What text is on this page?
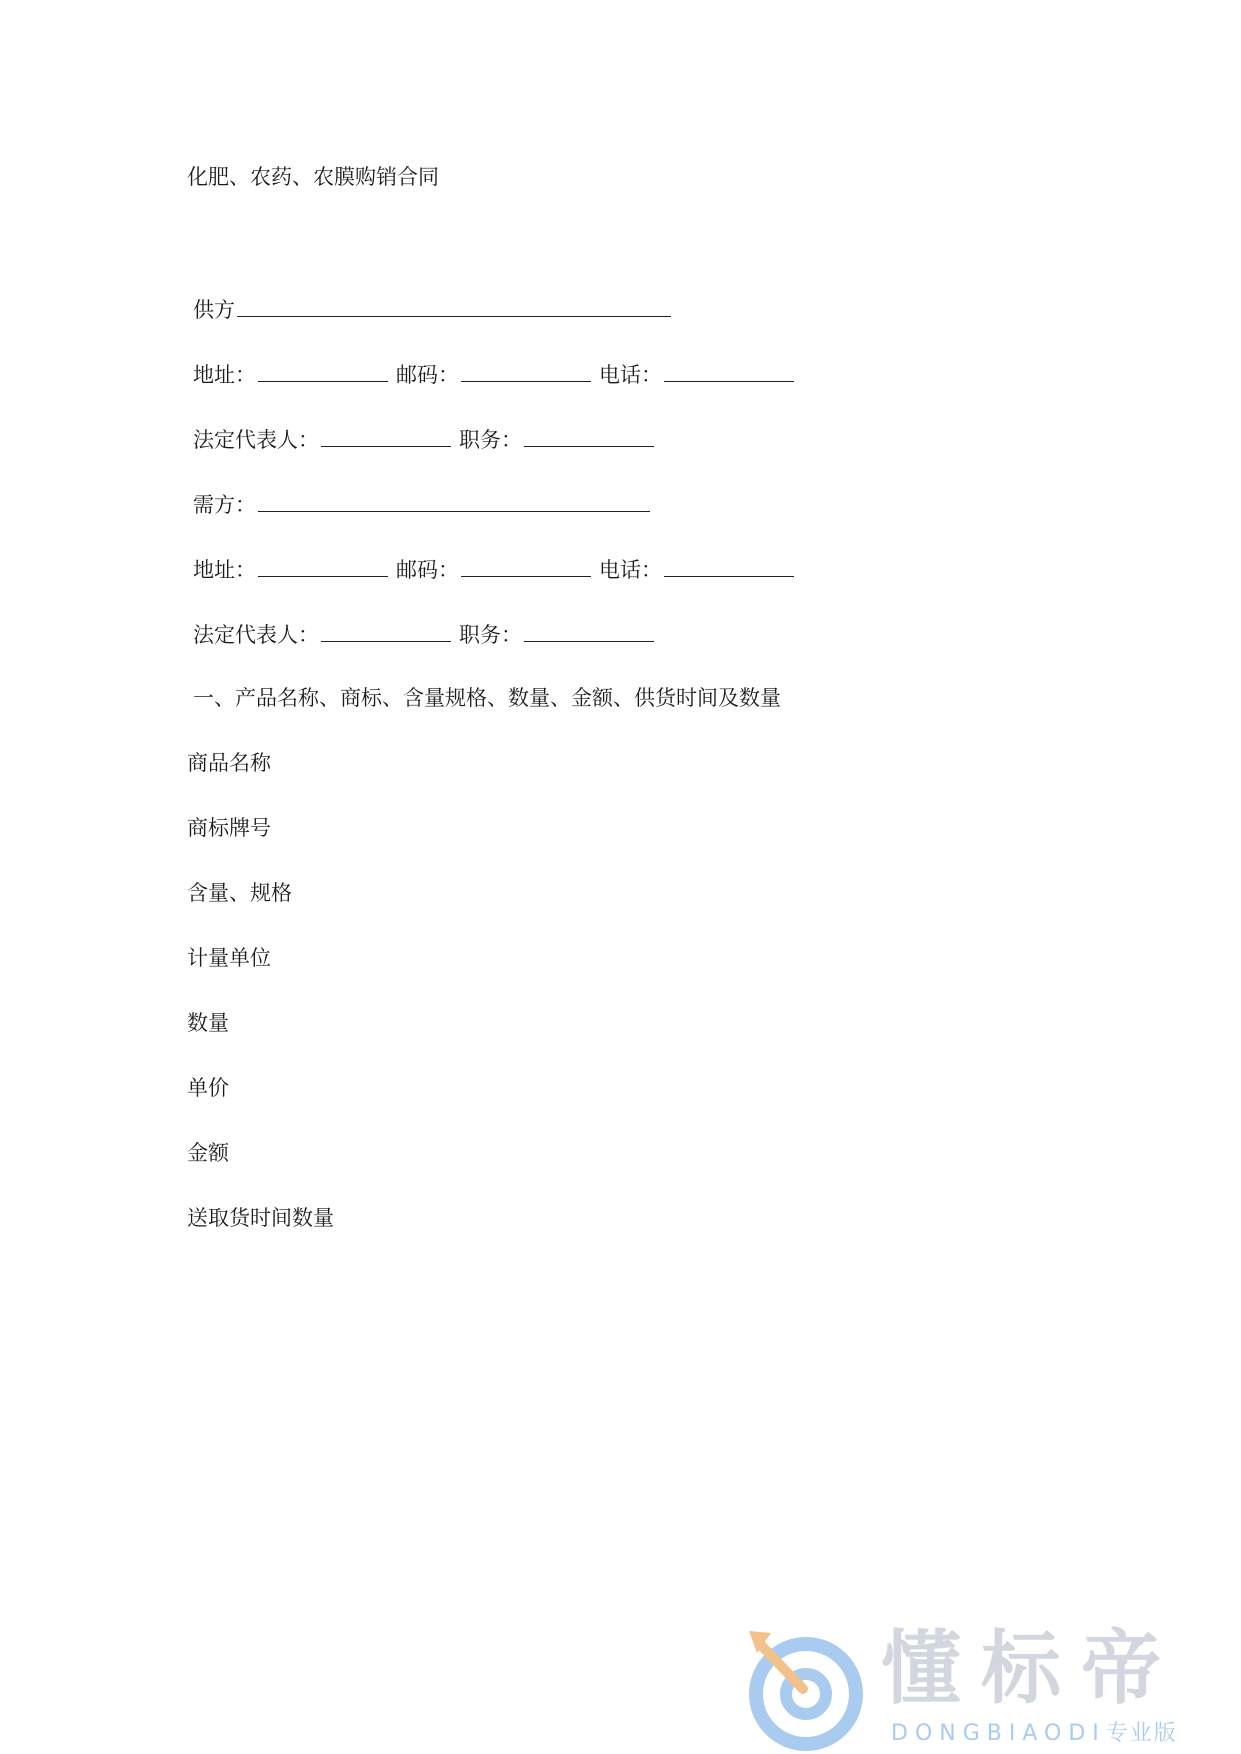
化肥、农药、农膜购销合同
供方
地址：	邮码：	电话：
法定代表人：	职务：
需方：
地址：	邮码：	电话：
法定代表人：	职务：
一、产品名称、商标、含量规格、数量、金额、供货时间及数量
商品名称
商标牌号
含量、规格
计量单位
数量
单价
金额
送取货时间数量
懂标帝
DONGBIAODI专业版
